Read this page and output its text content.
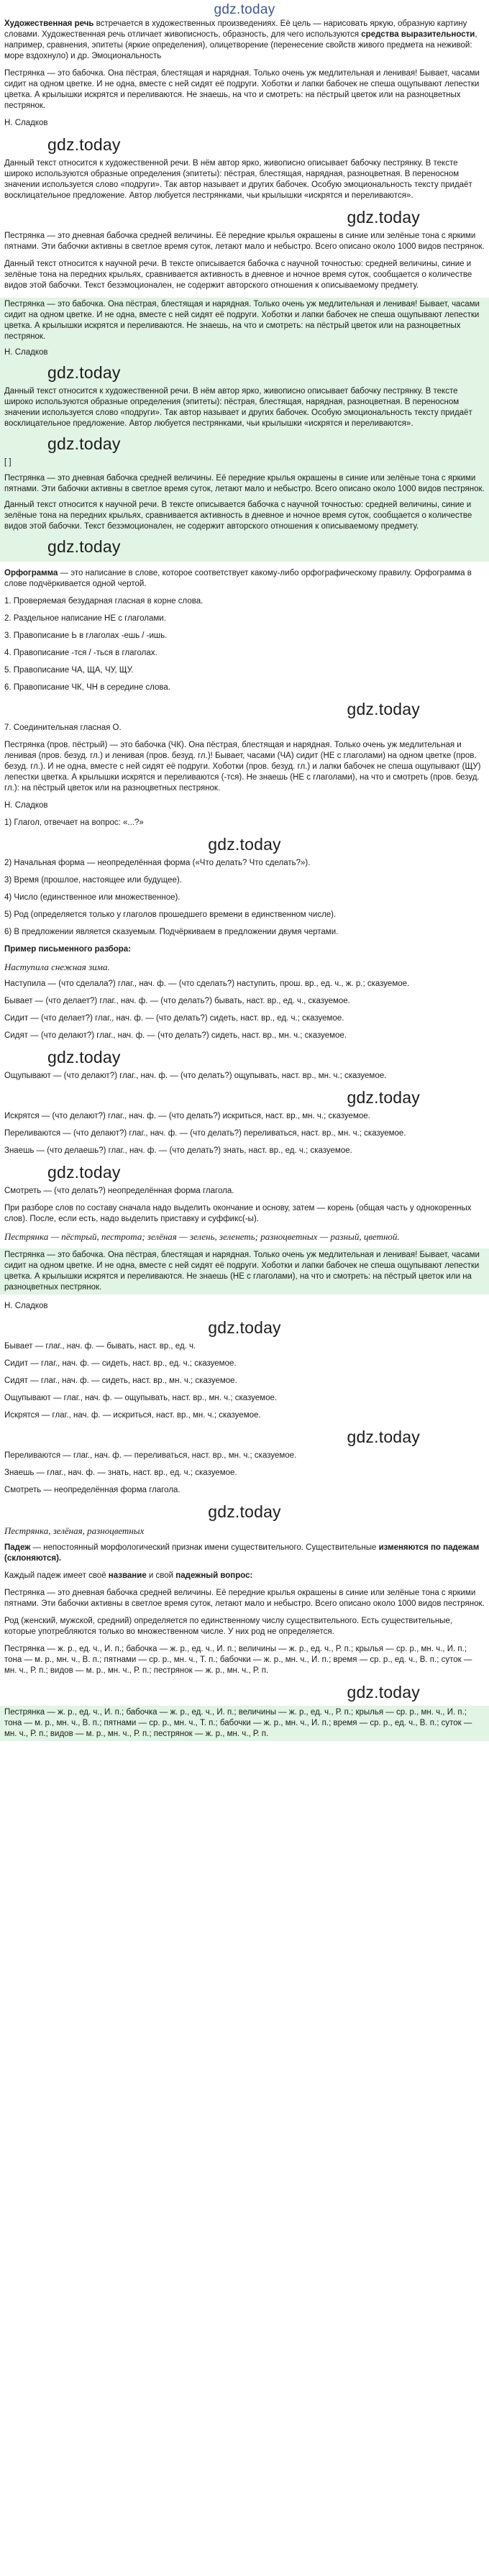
gdz.today

Художественная речь встречается в художественных произведениях. Её цель — нарисовать яркую, образную картину словами. Художественная речь отличает живописность, образность, для чего используются средства выразительности, например, сравнения, эпитеты (яркие определения), олицетворение (перенесение свойств живого предмета на неживой: море вздохнуло) и др. Эмоциональность

Пестрянка — это бабочка. Она пёстрая, блестящая и нарядная. Только очень уж медлительная и ленивая! Бывает, часами сидит на одном цветке. И не одна, вместе с ней сидят её подруги. Хоботки и лапки бабочек не спеша ощупывают лепестки цветка. А крылышки искрятся и переливаются. Не знаешь, на что и смотреть: на пёстрый цветок или на разноцветных пестрянок.

Н. Сладков

gdz.today

Данный текст относится к художественной речи. В нём автор ярко, живописно описывает бабочку пестрянку. В тексте широко используются образные определения (эпитеты): пёстрая, блестящая, нарядная, разноцветная. В переносном значении используется слово «подруги». Так автор называет и других бабочек. Особую эмоциональность тексту придаёт восклицательное предложение. Автор любуется пестрянками, чьи крылышки «искрятся и переливаются».

gdz.today

Пестрянка — это дневная бабочка средней величины. Её передние крылья окрашены в синие или зелёные тона с яркими пятнами. Эти бабочки активны в светлое время суток, летают мало и небыстро. Всего описано около 1000 видов пестрянок.

Данный текст относится к научной речи. В тексте описывается бабочка с научной точностью: средней величины, синие и зелёные тона на передних крыльях, сравнивается активность в дневное и ночное время суток, сообщается о количестве видов этой бабочки. Текст безэмоционален, не содержит авторского отношения к описываемому предмету.

Пестрянка — это бабочка. Она пёстрая, блестящая и нарядная. Только очень уж медлительная и ленивая! Бывает, часами сидит на одном цветке. И не одна, вместе с ней сидят её подруги. Хоботки и лапки бабочек не спеша ощупывают лепестки цветка. А крылышки искрятся и переливаются. Не знаешь, на что и смотреть: на пёстрый цветок или на разноцветных пестрянок.

Н. Сладков

gdz.today

Данный текст относится к художественной речи. В нём автор ярко, живописно описывает бабочку пестрянку. В тексте широко используются образные определения (эпитеты): пёстрая, блестящая, нарядная, разноцветная. В переносном значении используется слово «подруги». Так автор называет и других бабочек. Особую эмоциональность тексту придаёт восклицательное предложение. Автор любуется пестрянками, чьи крылышки «искрятся и переливаются».

gdz.today

[ ]

Пестрянка — это дневная бабочка средней величины. Её передние крылья окрашены в синие или зелёные тона с яркими пятнами. Эти бабочки активны в светлое время суток, летают мало и небыстро. Всего описано около 1000 видов пестрянок.

Данный текст относится к научной речи. В тексте описывается бабочка с научной точностью: средней величины, синие и зелёные тона на передних крыльях, сравнивается активность в дневное и ночное время суток, сообщается о количестве видов этой бабочки. Текст безэмоционален, не содержит авторского отношения к описываемому предмету.

gdz.today

Орфограмма — это написание в слове, которое соответствует какому-либо орфографическому правилу. Орфограмма в слове подчёркивается одной чертой.

1. Проверяемая безударная гласная в корне слова.

2. Раздельное написание НЕ с глаголами.

3. Правописание Ь в глаголах -ешь / -ишь.

4. Правописание -тся / -ться в глаголах.

5. Правописание ЧА, ЩА, ЧУ, ЩУ.

6. Правописание ЧК, ЧН в середине слова.

gdz.today

7. Соединительная гласная О.

Пестрянка (пров. пёстрый) — это бабочка (ЧК). Она пёстрая, блестящая и нарядная. Только очень уж медлительная и ленивая (пров. безуд. гл.) и ленивая (пров. безуд. гл.)! Бывает, часами (ЧА) сидит (НЕ с глаголами) на одном цветке (пров. безуд. гл.). И не одна, вместе с ней сидят её подруги. Хоботки (пров. безуд. гл.) и лапки бабочек не спеша ощупывают (ЩУ) лепестки цветка. А крылышки искрятся и переливаются (-тся). Не знаешь (НЕ с глаголами), на что и смотреть (пров. безуд. гл.): на пёстрый цветок или на разноцветных пестрянок.

Н. Сладков

1) Глагол, отвечает на вопрос: «...?»

gdz.today

2) Начальная форма — неопределённая форма («Что делать? Что сделать?»).

3) Время (прошлое, настоящее или будущее).

4) Число (единственное или множественное).

5) Род (определяется только у глаголов прошедшего времени в единственном числе).

6) В предложении является сказуемым. Подчёркиваем в предложении двумя чертами.

Пример письменного разбора:

Наступила снежная зима.

Наступила — (что сделала?) глаг., нач. ф. — (что сделать?) наступить, прош. вр., ед. ч., ж. р.; сказуемое.

Бывает — (что делает?) глаг., нач. ф. — (что делать?) бывать, наст. вр., ед. ч., сказуемое.

Сидит — (что делает?) глаг., нач. ф. — (что делать?) сидеть, наст. вр., ед. ч.; сказуемое.

Сидят — (что делают?) глаг., нач. ф. — (что делать?) сидеть, наст. вр., мн. ч.; сказуемое.

gdz.today

Ощупывают — (что делают?) глаг., нач. ф. — (что делать?) ощупывать, наст. вр., мн. ч.; сказуемое.

gdz.today

Искрятся — (что делают?) глаг., нач. ф. — (что делать?) искриться, наст. вр., мн. ч.; сказуемое.

Переливаются — (что делают?) глаг., нач. ф. — (что делать?) переливаться, наст. вр., мн. ч.; сказуемое.

Знаешь — (что делаешь?) глаг., нач. ф. — (что делать?) знать, наст. вр., ед. ч.; сказуемое.

gdz.today

Смотреть — (что делать?) неопределённая форма глагола.

При разборе слов по составу сначала надо выделить окончание и основу, затем — корень (общая часть у однокоренных слов). После, если есть, надо выделить приставку и суффикс(-ы).

Пестрянка — пёстрый, пестрота; зелёная — зелень, зеленеть; разноцветных — разный, цветной.

Пестрянка — это бабочка. Она пёстрая, блестящая и нарядная. Только очень уж медлительная и ленивая! Бывает, часами сидит на одном цветке. И не одна, вместе с ней сидят её подруги. Хоботки и лапки бабочек не спеша ощупывают лепестки цветка. А крылышки искрятся и переливаются. Не знаешь (НЕ с глаголами), на что и смотреть: на пёстрый цветок или на разноцветных пестрянок.

Н. Сладков

gdz.today

Бывает — глаг., нач. ф. — бывать, наст. вр., ед. ч.

Сидит — глаг., нач. ф. — сидеть, наст. вр., ед. ч.; сказуемое.

Сидят — глаг., нач. ф. — сидеть, наст. вр., мн. ч.; сказуемое.

Ощупывают — глаг., нач. ф. — ощупывать, наст. вр., мн. ч.; сказуемое.

Искрятся — глаг., нач. ф. — искриться, наст. вр., мн. ч.; сказуемое.

gdz.today

Переливаются — глаг., нач. ф. — переливаться, наст. вр., мн. ч.; сказуемое.

Знаешь — глаг., нач. ф. — знать, наст. вр., ед. ч.; сказуемое.

Смотреть — неопределённая форма глагола.

gdz.today

Пестрянка, зелёная, разноцветных

Падеж — непостоянный морфологический признак имени существительного. Существительные изменяются по падежам (склоняются).

Каждый падеж имеет своё название и свой падежный вопрос:

Пестрянка — это дневная бабочка средней величины. Её передние крылья окрашены в синие или зелёные тона с яркими пятнами. Эти бабочки активны в светлое время суток, летают мало и небыстро. Всего описано около 1000 видов пестрянок.

Род (женский, мужской, средний) определяется по единственному числу существительного. Есть существительные, которые употребляются только во множественном числе. У них род не определяется.

Пестрянка — ж. р., ед. ч., И. п.; бабочка — ж. р., ед. ч., И. п.; величины — ж. р., ед. ч., Р. п.; крылья — ср. р., мн. ч., И. п.; тона — м. р., мн. ч., В. п.; пятнами — ср. р., мн. ч., Т. п.; бабочки — ж. р., мн. ч., И. п.; время — ср. р., ед. ч., В. п.; суток — мн. ч., Р. п.; видов — м. р., мн. ч., Р. п.; пестрянок — ж. р., мн. ч., Р. п.

gdz.today

Пестрянка — ж. р., ед. ч., И. п.; бабочка — ж. р., ед. ч., И. п.; величины — ж. р., ед. ч., Р. п.; крылья — ср. р., мн. ч., И. п.; тона — м. р., мн. ч., В. п.; пятнами — ср. р., мн. ч., Т. п.; бабочки — ж. р., мн. ч., И. п.; время — ср. р., ед. ч., В. п.; суток — мн. ч., Р. п.; видов — м. р., мн. ч., Р. п.; пестрянок — ж. р., мн. ч., Р. п.
